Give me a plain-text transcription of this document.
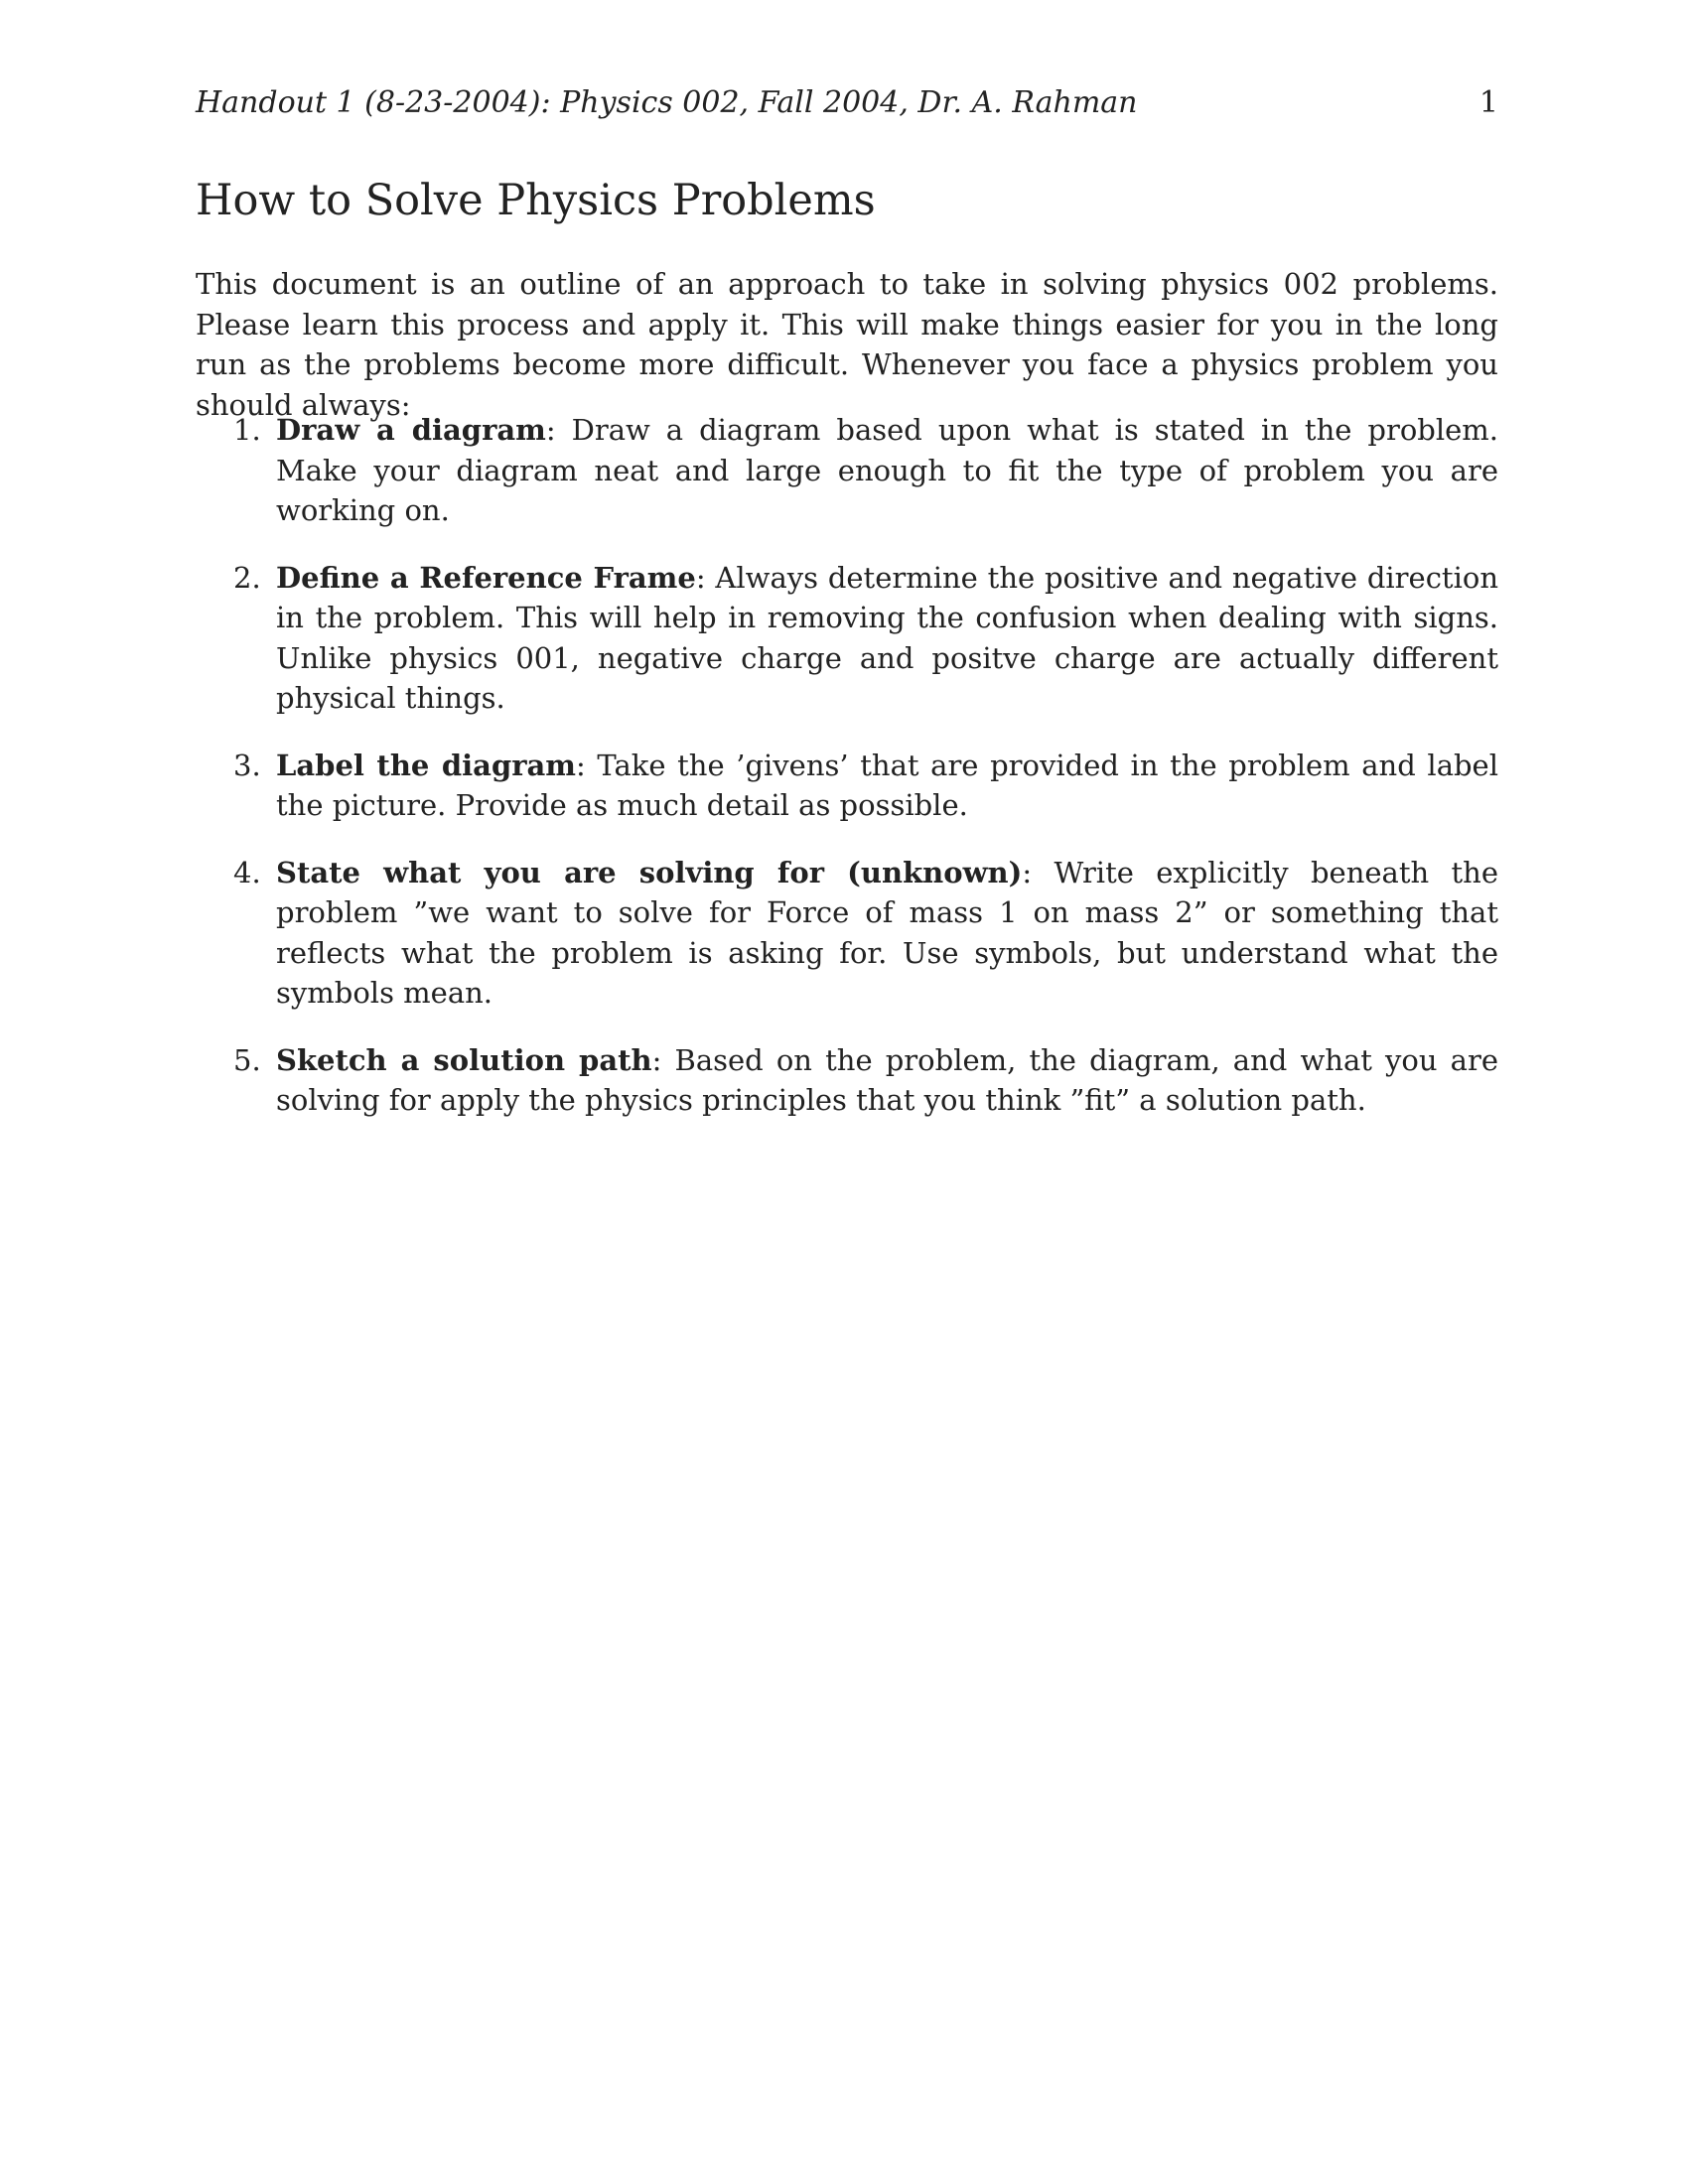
Handout 1 (8-23-2004): Physics 002, Fall 2004, Dr. A. Rahman	1
How to Solve Physics Problems

This document is an outline of an approach to take in solving physics 002 problems. Please learn this process and apply it. This will make things easier for you in the long run as the problems become more difficult. Whenever you face a physics problem you should always:

1. Draw a diagram: Draw a diagram based upon what is stated in the problem. Make your diagram neat and large enough to fit the type of problem you are working on.
2. Define a Reference Frame: Always determine the positive and negative direction in the problem. This will help in removing the confusion when dealing with signs. Unlike physics 001, negative charge and positve charge are actually different physical things.
3. Label the diagram: Take the ’givens’ that are provided in the problem and label the picture. Provide as much detail as possible.
4. State what you are solving for (unknown): Write explicitly beneath the problem ”we want to solve for Force of mass 1 on mass 2” or something that reflects what the problem is asking for. Use symbols, but understand what the symbols mean.
5. Sketch a solution path: Based on the problem, the diagram, and what you are solving for apply the physics principles that you think ”fit” a solution path.
